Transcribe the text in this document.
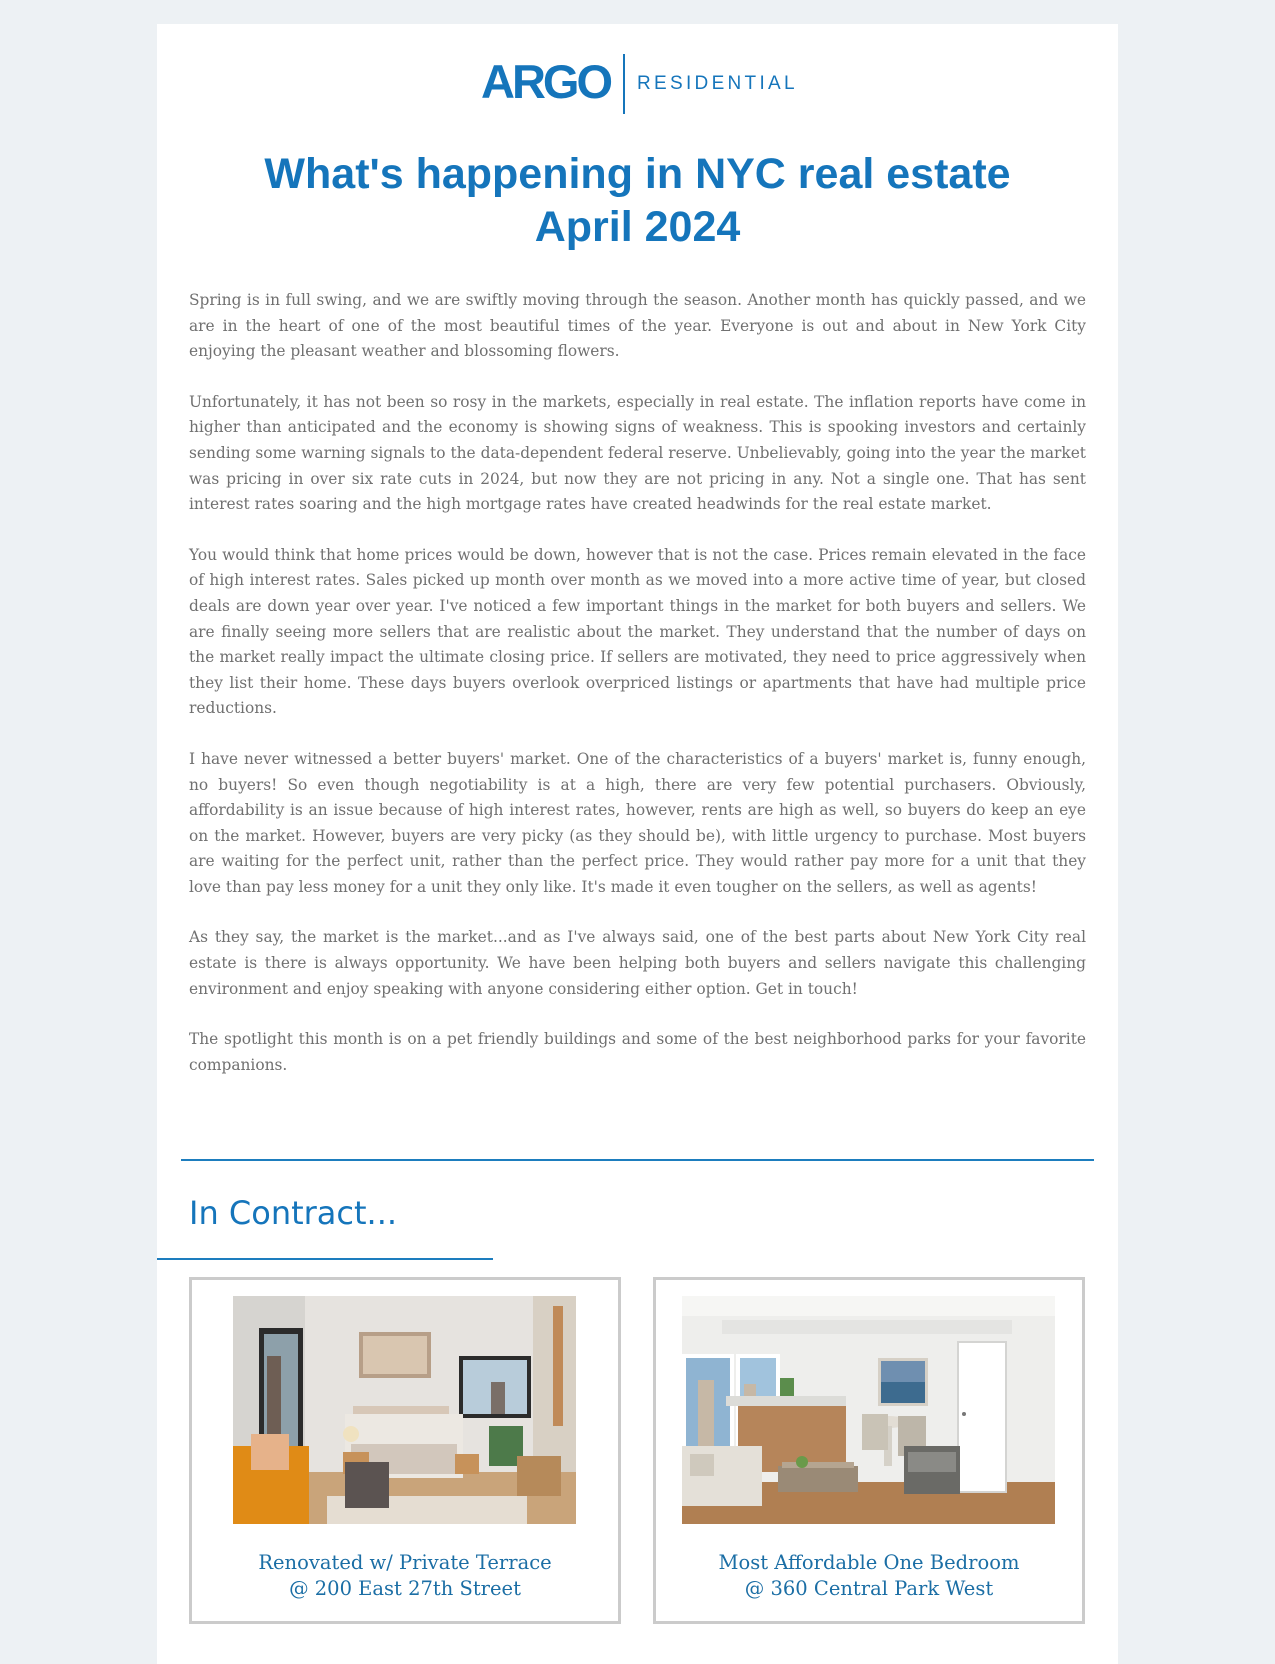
ARGO RESIDENTIAL
What's happening in NYC real estate
April 2024

Spring is in full swing, and we are swiftly moving through the season. Another month has quickly passed, and we are in the heart of one of the most beautiful times of the year. Everyone is out and about in New York City enjoying the pleasant weather and blossoming flowers.

Unfortunately, it has not been so rosy in the markets, especially in real estate. The inflation reports have come in higher than anticipated and the economy is showing signs of weakness. This is spooking investors and certainly sending some warning signals to the data-dependent federal reserve. Unbelievably, going into the year the market was pricing in over six rate cuts in 2024, but now they are not pricing in any. Not a single one. That has sent interest rates soaring and the high mortgage rates have created headwinds for the real estate market.

You would think that home prices would be down, however that is not the case. Prices remain elevated in the face of high interest rates. Sales picked up month over month as we moved into a more active time of year, but closed deals are down year over year. I've noticed a few important things in the market for both buyers and sellers. We are finally seeing more sellers that are realistic about the market. They understand that the number of days on the market really impact the ultimate closing price. If sellers are motivated, they need to price aggressively when they list their home. These days buyers overlook overpriced listings or apartments that have had multiple price reductions.

I have never witnessed a better buyers' market. One of the characteristics of a buyers' market is, funny enough, no buyers! So even though negotiability is at a high, there are very few potential purchasers. Obviously, affordability is an issue because of high interest rates, however, rents are high as well, so buyers do keep an eye on the market. However, buyers are very picky (as they should be), with little urgency to purchase. Most buyers are waiting for the perfect unit, rather than the perfect price. They would rather pay more for a unit that they love than pay less money for a unit they only like. It's made it even tougher on the sellers, as well as agents!

As they say, the market is the market...and as I've always said, one of the best parts about New York City real estate is there is always opportunity. We have been helping both buyers and sellers navigate this challenging environment and enjoy speaking with anyone considering either option. Get in touch!

The spotlight this month is on a pet friendly buildings and some of the best neighborhood parks for your favorite companions.

In Contract...
Renovated w/ Private Terrace
@ 200 East 27th Street
Most Affordable One Bedroom
@ 360 Central Park West
